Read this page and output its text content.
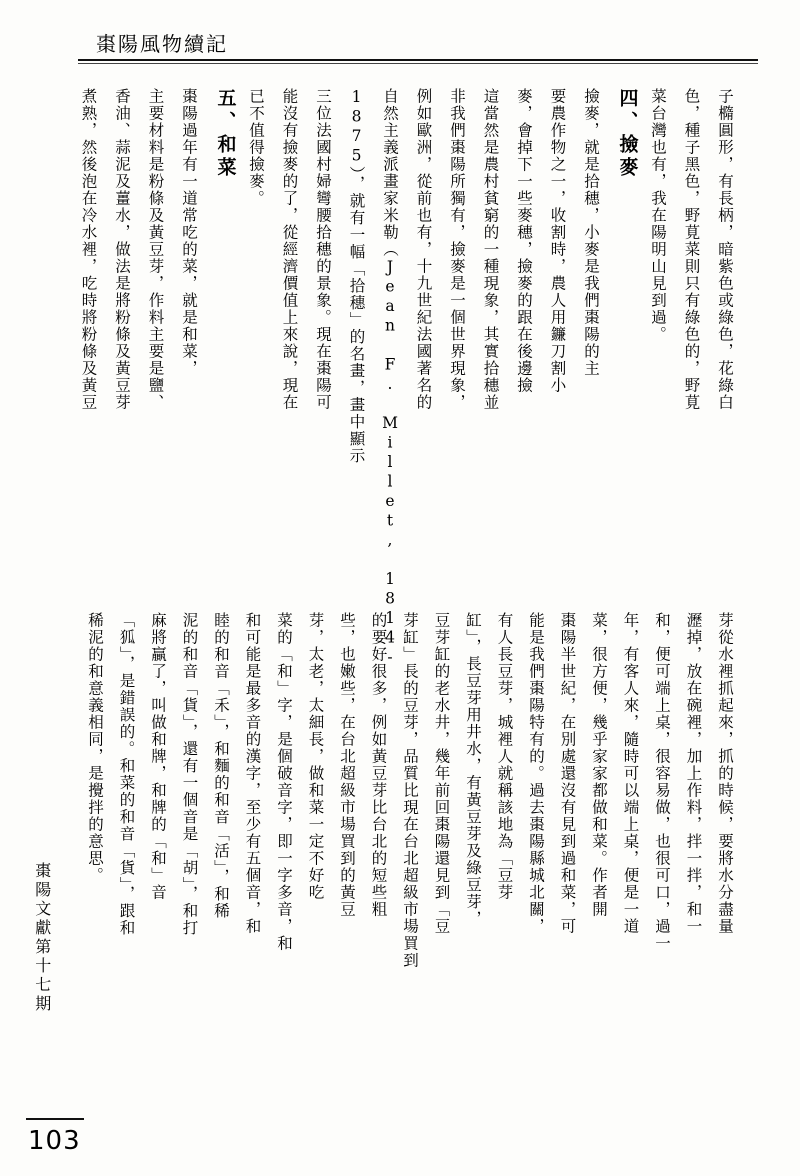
棗陽風物續記
子橢圓形，有長柄，暗紫色或綠色，花綠白
色，種子黑色，野莧菜則只有綠色的，野莧
菜台灣也有，我在陽明山見到過。
四、撿麥
撿麥，就是拾穗，小麥是我們棗陽的主
要農作物之一，收割時，農人用鐮刀割小
麥，會掉下一些麥穗，撿麥的跟在後邊撿
這當然是農村貧窮的一種現象，其實拾穗並
非我們棗陽所獨有，撿麥是一個世界現象，
例如歐洲，從前也有，十九世紀法國著名的
自然主義派畫家米勒（Jean F. Millet, 1814-
1875），就有一幅「拾穗」的名畫，畫中顯示
三位法國村婦彎腰拾穗的景象。現在棗陽可
能沒有撿麥的了，從經濟價值上來說，現在
已不值得撿麥。
五、和菜
棗陽過年有一道常吃的菜，就是和菜，
主要材料是粉條及黃豆芽，作料主要是鹽、
香油、蒜泥及薑水，做法是將粉條及黃豆芽
煮熟，然後泡在冷水裡，吃時將粉條及黃豆
芽從水裡抓起來，抓的時候，要將水分盡量
瀝掉，放在碗裡，加上作料，拌一拌，和一
和，便可端上桌，很容易做，也很可口，過一
年，有客人來，隨時可以端上桌，便是一道
菜，很方便，幾乎家家都做和菜。作者開
棗陽半世紀，在別處還沒有見到過和菜，可
能是我們棗陽特有的。過去棗陽縣城北關，
有人長豆芽，城裡人就稱該地為「豆芽
缸」，長豆芽用井水，有黃豆芽及綠豆芽，
豆芽缸的老水井，幾年前回棗陽還見到「豆
芽缸」長的豆芽，品質比現在台北超級市場買到
的要好很多，例如黃豆芽比台北的短些粗
些，也嫩些，在台北超級市場買到的黃豆
芽，太老，太細長，做和菜一定不好吃
菜的「和」字，是個破音字，即一字多音，和
和可能是最多音的漢字，至少有五個音，和
睦的和音「禾」，和麵的和音「活」，和稀
泥的和音「貨」，還有一個音是「胡」，和打
麻將贏了，叫做和牌，和牌的「和」音
「狐」，是錯誤的。和菜的和音「貨」，跟和
稀泥的和意義相同，是攪拌的意思。
棗陽文獻第十七期
103
